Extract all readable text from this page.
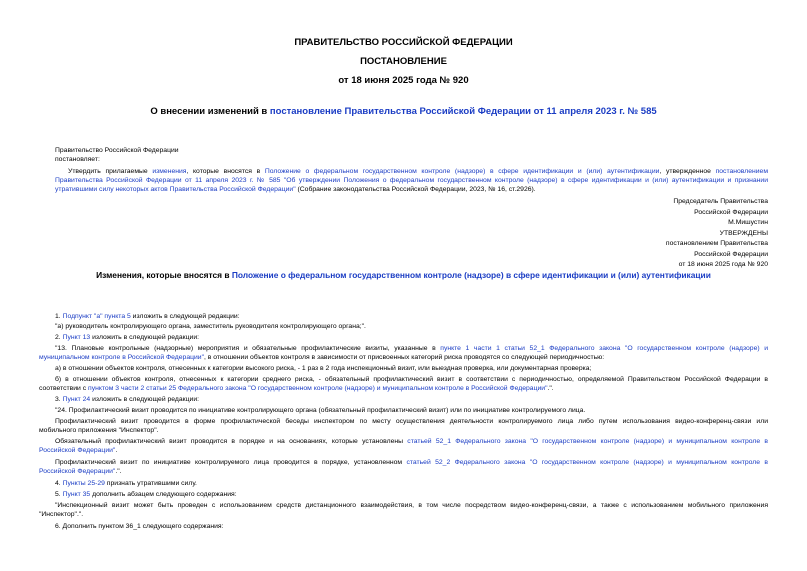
ПРАВИТЕЛЬСТВО РОССИЙСКОЙ ФЕДЕРАЦИИ
ПОСТАНОВЛЕНИЕ
от 18 июня 2025 года № 920
О внесении изменений в постановление Правительства Российской Федерации от 11 апреля 2023 г. № 585
Правительство Российской Федерации
постановляет:
Утвердить прилагаемые изменения, которые вносятся в Положение о федеральном государственном контроле (надзоре) в сфере идентификации и (или) аутентификации, утвержденное постановлением
Правительства Российской Федерации от 11 апреля 2023 г. № 585 "Об утверждении Положения о федеральном государственном контроле (надзоре) в сфере идентификации и (или) аутентификации и признании
утратившими силу некоторых актов Правительства Российской Федерации" (Собрание законодательства Российской Федерации, 2023, № 16, ст.2926).
Председатель Правительства
Российской Федерации
М.Мишустин
УТВЕРЖДЕНЫ
постановлением Правительства
Российской Федерации
от 18 июня 2025 года № 920
Изменения, которые вносятся в Положение о федеральном государственном контроле (надзоре) в сфере идентификации и (или) аутентификации
1. Подпункт "а" пункта 5 изложить в следующей редакции:
"а) руководитель контролирующего органа, заместитель руководителя контролирующего органа;".
2. Пункт 13 изложить в следующей редакции:
"13. Плановые контрольные (надзорные) мероприятия и обязательные профилактические визиты, указанные в пункте 1 части 1 статьи 52_1 Федерального закона "О государственном контроле (надзоре) и
муниципальном контроле в Российской Федерации", в отношении объектов контроля в зависимости от присвоенных категорий риска проводятся со следующей периодичностью:
а) в отношении объектов контроля, отнесенных к категории высокого риска, - 1 раз в 2 года инспекционный визит, или выездная проверка, или документарная проверка;
б) в отношении объектов контроля, отнесенных к категории среднего риска, - обязательный профилактический визит в соответствии с периодичностью, определяемой Правительством Российской Федерации в
соответствии с пунктом 3 части 2 статьи 25 Федерального закона "О государственном контроле (надзоре) и муниципальном контроле в Российской Федерации".".
3. Пункт 24 изложить в следующей редакции:
"24. Профилактический визит проводится по инициативе контролирующего органа (обязательный профилактический визит) или по инициативе контролируемого лица.
Профилактический визит проводится в форме профилактической беседы инспектором по месту осуществления деятельности контролируемого лица либо путем использования видео-конференц-связи или
мобильного приложения "Инспектор".
Обязательный профилактический визит проводится в порядке и на основаниях, которые установлены статьей 52_1 Федерального закона "О государственном контроле (надзоре) и муниципальном контроле в
Российской Федерации".
Профилактический визит по инициативе контролируемого лица проводится в порядке, установленном статьей 52_2 Федерального закона "О государственном контроле (надзоре) и муниципальном контроле в
Российской Федерации".".
4. Пункты 25-29 признать утратившими силу.
5. Пункт 35 дополнить абзацем следующего содержания:
"Инспекционный визит может быть проведен с использованием средств дистанционного взаимодействия, в том числе посредством видео-конференц-связи, а также с использованием мобильного приложения
"Инспектор".".
6. Дополнить пунктом 36_1 следующего содержания:
